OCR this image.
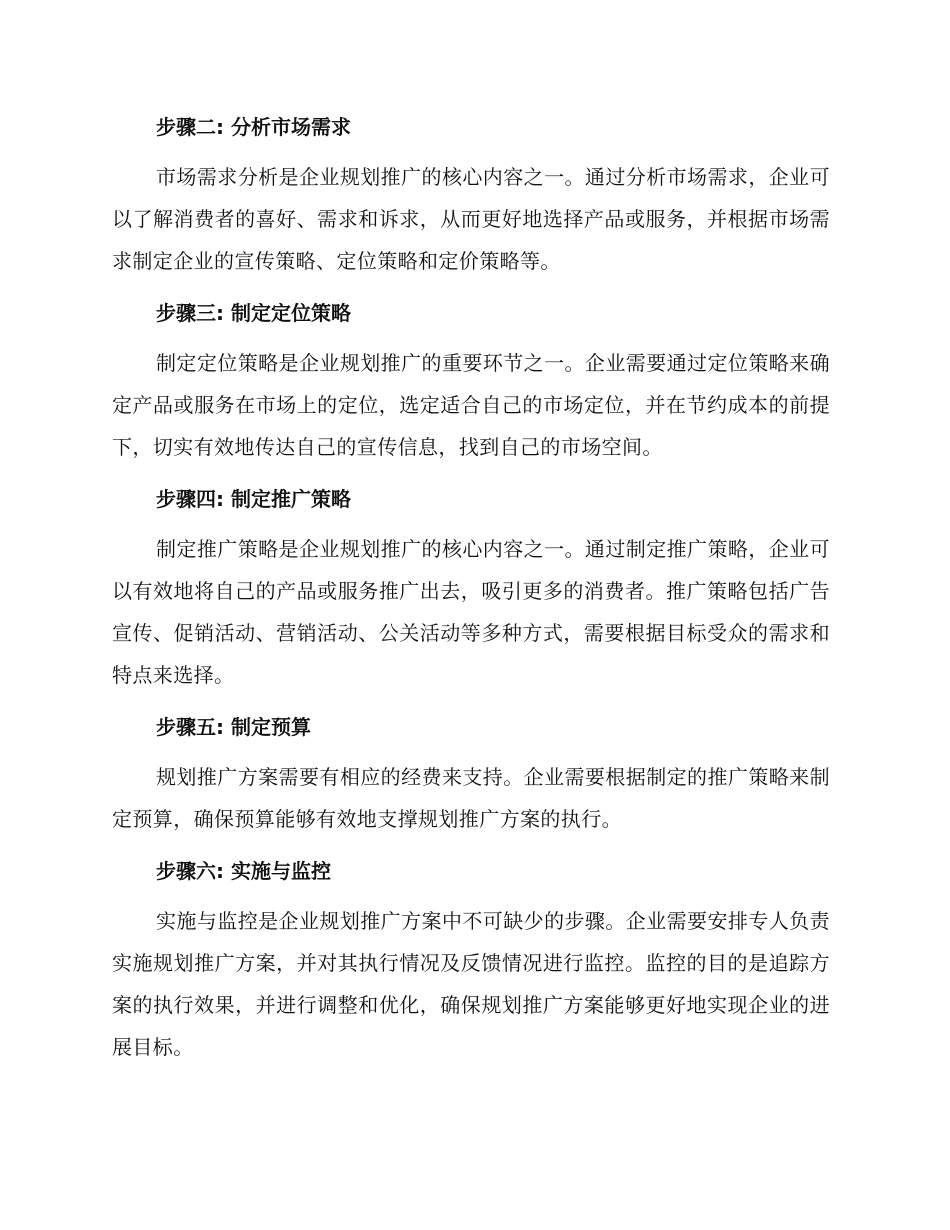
步骤二: 分析市场需求

市场需求分析是企业规划推广的核心内容之一。通过分析市场需求，企业可以了解消费者的喜好、需求和诉求，从而更好地选择产品或服务，并根据市场需求制定企业的宣传策略、定位策略和定价策略等。

步骤三: 制定定位策略

制定定位策略是企业规划推广的重要环节之一。企业需要通过定位策略来确定产品或服务在市场上的定位，选定适合自己的市场定位，并在节约成本的前提下，切实有效地传达自己的宣传信息，找到自己的市场空间。

步骤四: 制定推广策略

制定推广策略是企业规划推广的核心内容之一。通过制定推广策略，企业可以有效地将自己的产品或服务推广出去，吸引更多的消费者。推广策略包括广告宣传、促销活动、营销活动、公关活动等多种方式，需要根据目标受众的需求和特点来选择。

步骤五: 制定预算

规划推广方案需要有相应的经费来支持。企业需要根据制定的推广策略来制定预算，确保预算能够有效地支撑规划推广方案的执行。

步骤六: 实施与监控

实施与监控是企业规划推广方案中不可缺少的步骤。企业需要安排专人负责实施规划推广方案，并对其执行情况及反馈情况进行监控。监控的目的是追踪方案的执行效果，并进行调整和优化，确保规划推广方案能够更好地实现企业的进展目标。
